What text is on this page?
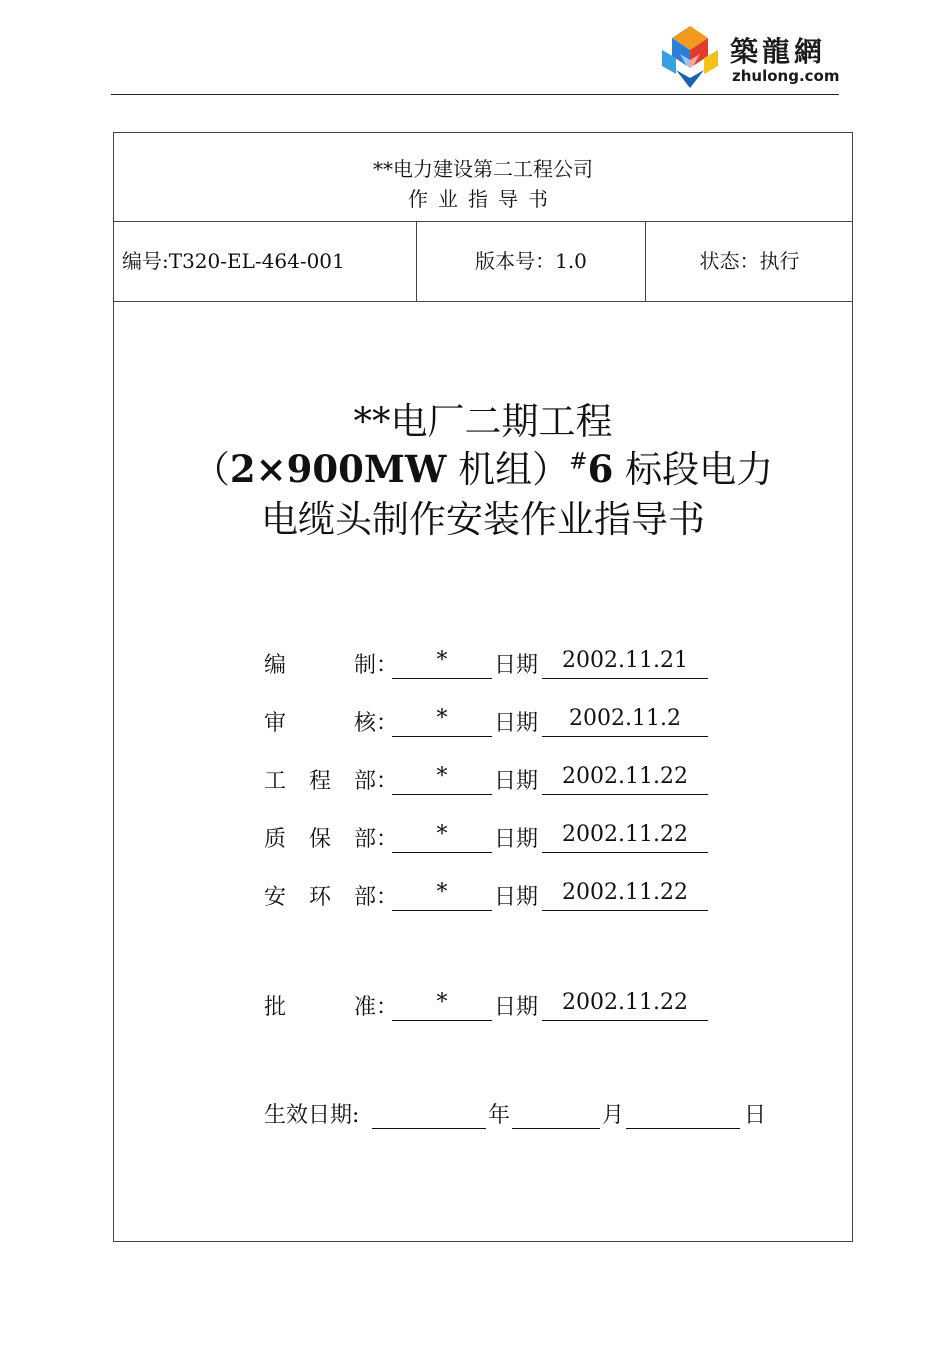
築龍網
zhulong.com
**电力建设第二工程公司
作业指导书
编号:T320-EL-464-001	版本号：1.0	状态：执行
**电厂二期工程
（2×900MW 机组）#6 标段电力
电缆头制作安装作业指导书
编	制 ：	*	日期	2002.11.21
审	核 ：	*	日期	2002.11.2
工 程 部 ：	*	日期	2002.11.22
质 保 部 ：	*	日期	2002.11.22
安 环 部 ：	*	日期	2002.11.22
批	准 ：	*	日期	2002.11.22
生效日期:	年	月	日
